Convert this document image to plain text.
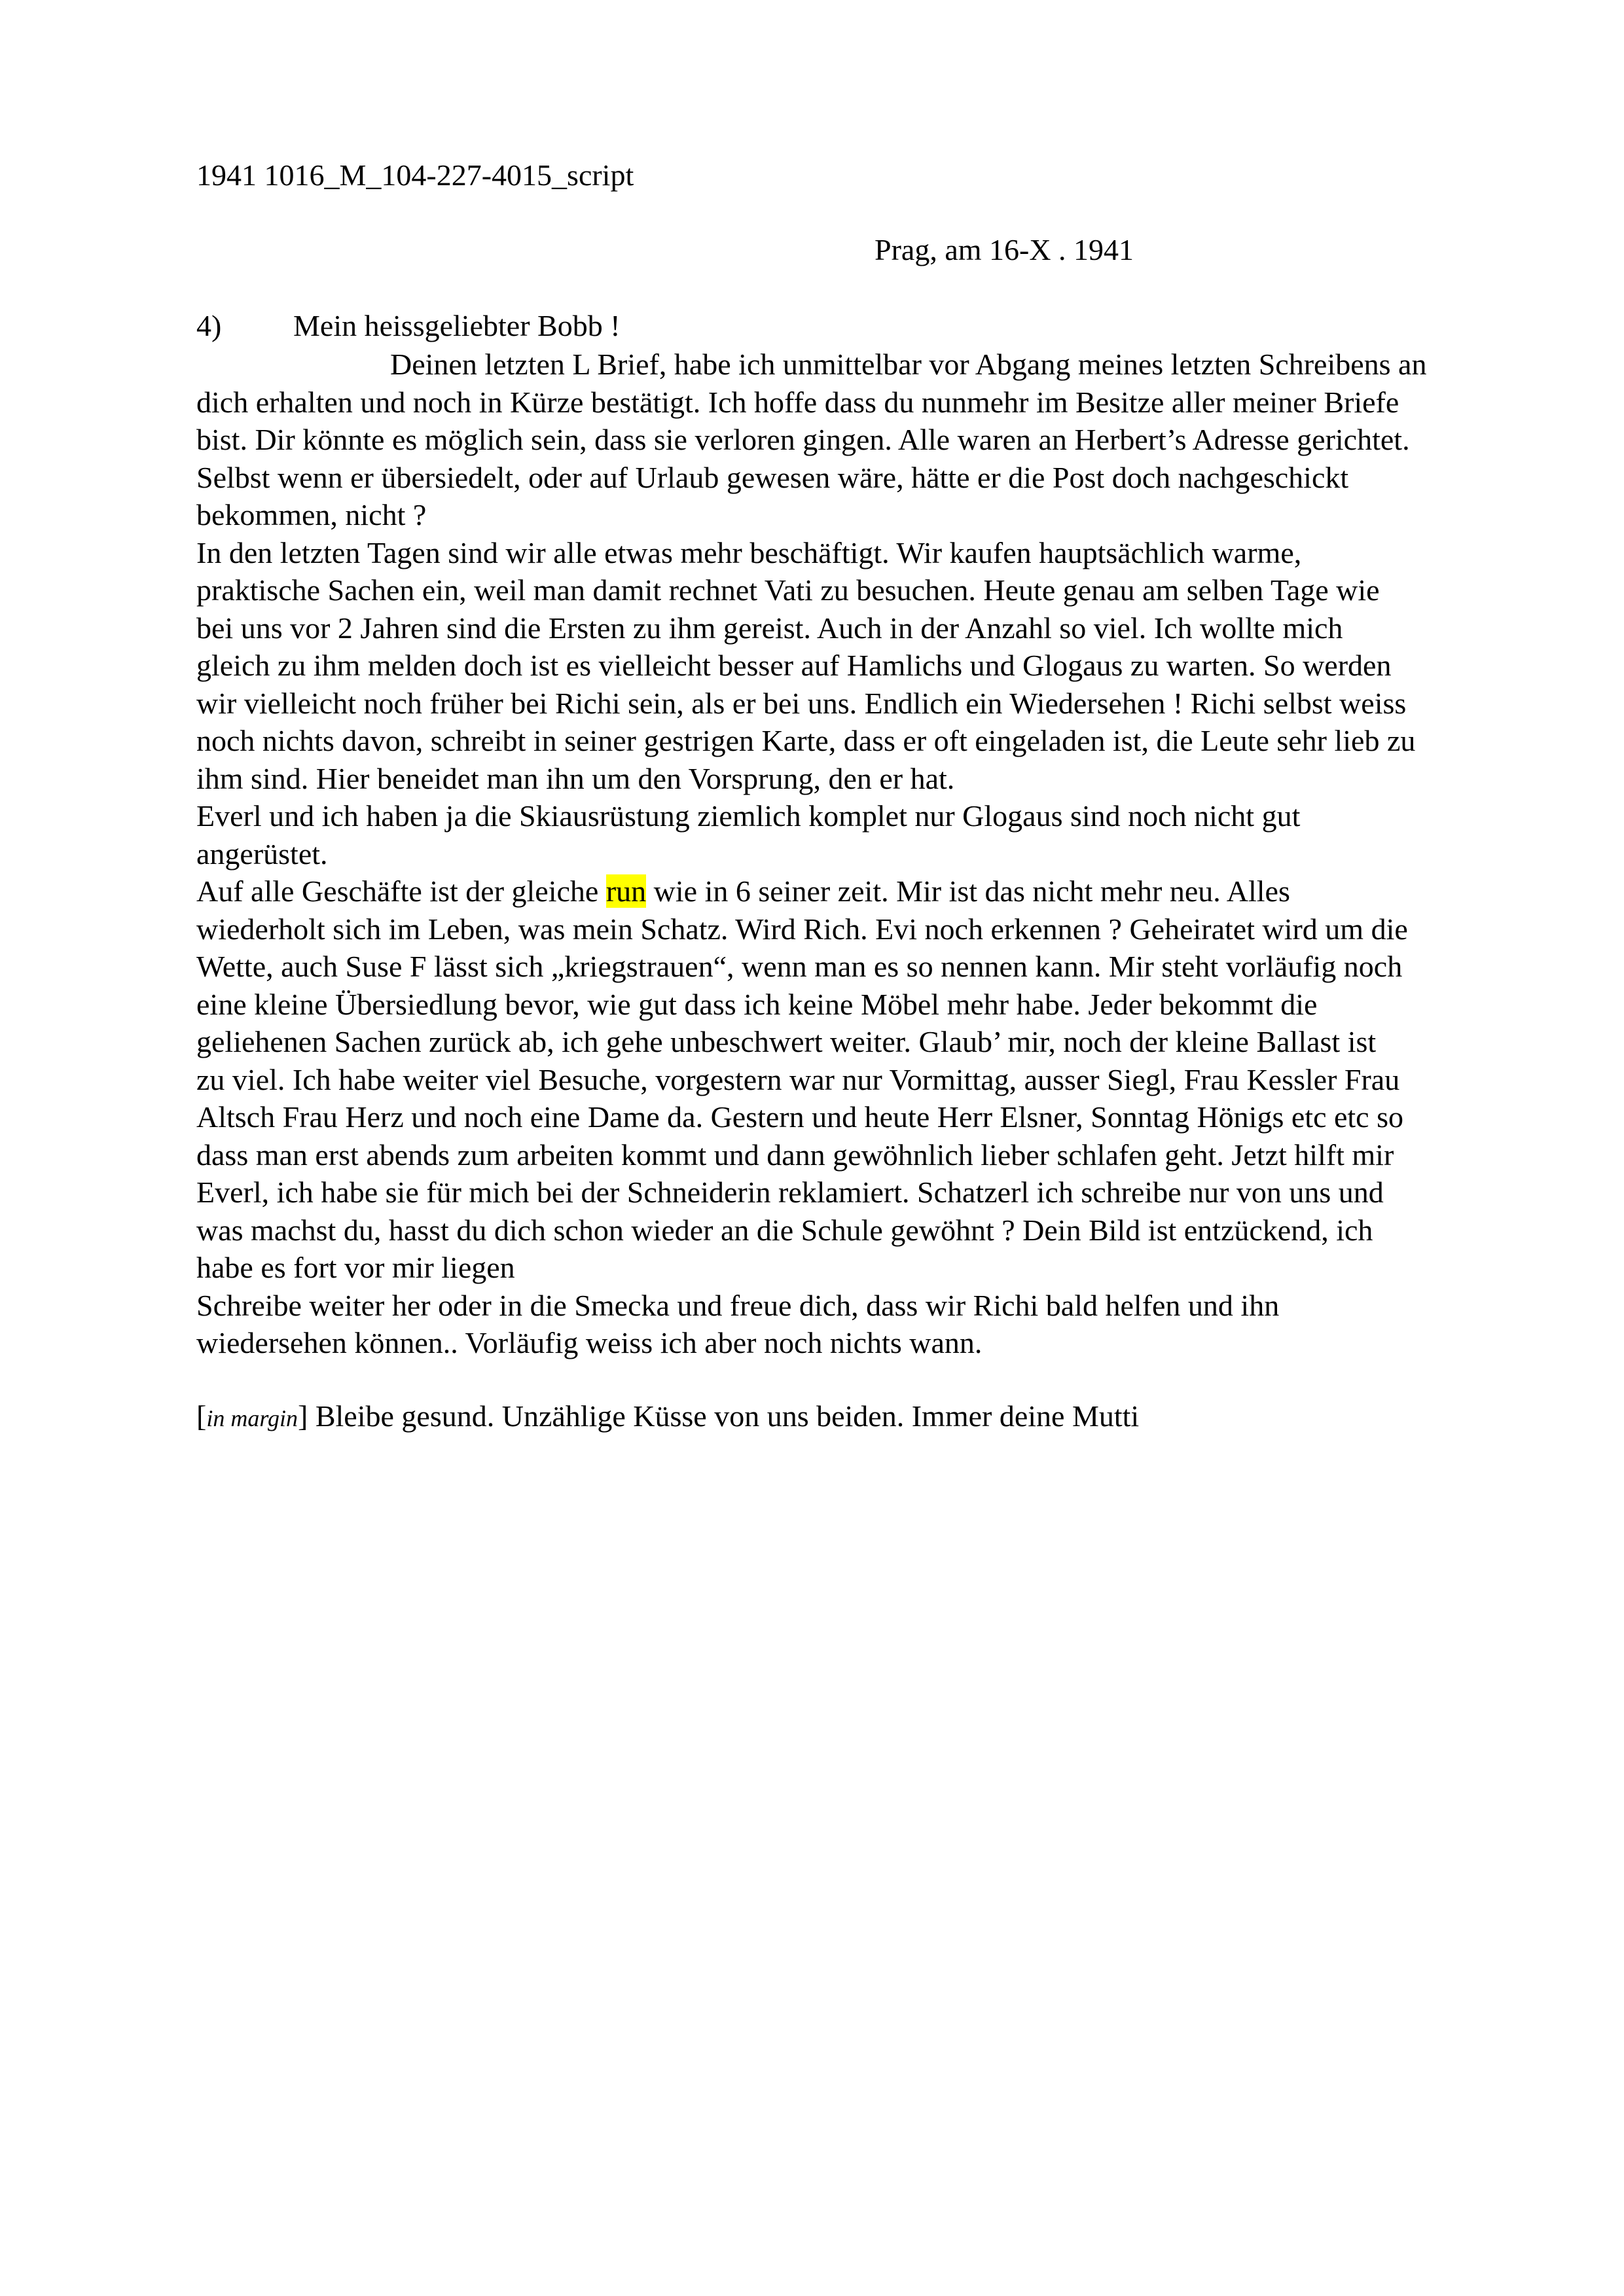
1941 1016_M_104-227-4015_script
Prag, am 16-X . 1941
4) Mein heissgeliebter Bobb !
Deinen letzten L Brief, habe ich unmittelbar vor Abgang meines letzten Schreibens an
dich erhalten und noch in Kürze bestätigt. Ich hoffe dass du nunmehr im Besitze aller meiner Briefe
bist. Dir könnte es möglich sein, dass sie verloren gingen. Alle waren an Herbert’s Adresse gerichtet.
Selbst wenn er übersiedelt, oder auf Urlaub gewesen wäre, hätte er die Post doch nachgeschickt
bekommen, nicht ?
In den letzten Tagen sind wir alle etwas mehr beschäftigt. Wir kaufen hauptsächlich warme,
praktische Sachen ein, weil man damit rechnet Vati zu besuchen. Heute genau am selben Tage wie
bei uns vor 2 Jahren sind die Ersten zu ihm gereist. Auch in der Anzahl so viel. Ich wollte mich
gleich zu ihm melden doch ist es vielleicht besser auf Hamlichs und Glogaus zu warten. So werden
wir vielleicht noch früher bei Richi sein, als er bei uns. Endlich ein Wiedersehen ! Richi selbst weiss
noch nichts davon, schreibt in seiner gestrigen Karte, dass er oft eingeladen ist, die Leute sehr lieb zu
ihm sind. Hier beneidet man ihn um den Vorsprung, den er hat.
Everl und ich haben ja die Skiausrüstung ziemlich komplet nur Glogaus sind noch nicht gut
angerüstet.
Auf alle Geschäfte ist der gleiche run wie in 6 seiner zeit. Mir ist das nicht mehr neu. Alles
wiederholt sich im Leben, was mein Schatz. Wird Rich. Evi noch erkennen ? Geheiratet wird um die
Wette, auch Suse F lässt sich „kriegstrauen“, wenn man es so nennen kann. Mir steht vorläufig noch
eine kleine Übersiedlung bevor, wie gut dass ich keine Möbel mehr habe. Jeder bekommt die
geliehenen Sachen zurück ab, ich gehe unbeschwert weiter. Glaub’ mir, noch der kleine Ballast ist
zu viel. Ich habe weiter viel Besuche, vorgestern war nur Vormittag, ausser Siegl, Frau Kessler Frau
Altsch Frau Herz und noch eine Dame da. Gestern und heute Herr Elsner, Sonntag Hönigs etc etc so
dass man erst abends zum arbeiten kommt und dann gewöhnlich lieber schlafen geht. Jetzt hilft mir
Everl, ich habe sie für mich bei der Schneiderin reklamiert. Schatzerl ich schreibe nur von uns und
was machst du, hasst du dich schon wieder an die Schule gewöhnt ? Dein Bild ist entzückend, ich
habe es fort vor mir liegen
Schreibe weiter her oder in die Smecka und freue dich, dass wir Richi bald helfen und ihn
wiedersehen können.. Vorläufig weiss ich aber noch nichts wann.
[in margin] Bleibe gesund. Unzählige Küsse von uns beiden. Immer deine Mutti
